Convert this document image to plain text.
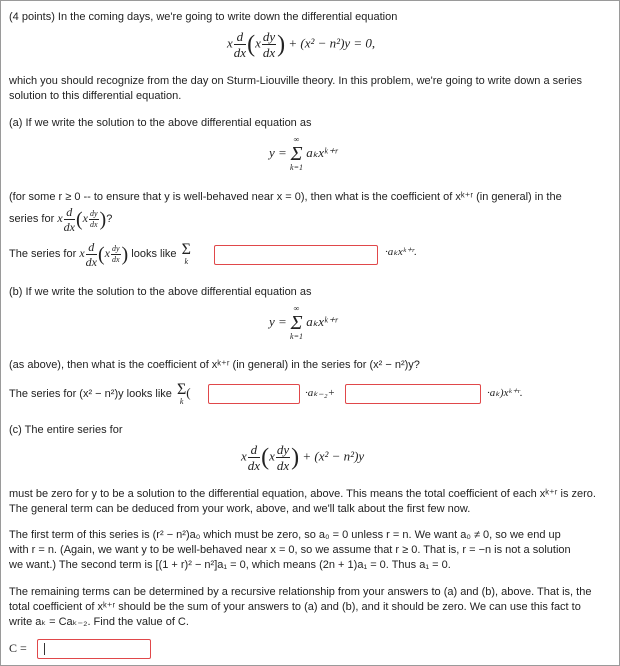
(4 points) In the coming days, we're going to write down the differential equation
x $\frac{d}{dx} (x \frac{dy}{dx}$ ) + (x² − n²)y = 0,
which you should recognize from the day on Sturm-Liouville theory. In this problem, we're going to write down a series
solution to this differential equation.
(a) If we write the solution to the above differential equation as
y =
∞
Σ
k=1
aₖxᵏ⁺ʳ
(for some r ≥ 0 -- to ensure that y is well-behaved near x = 0), then what is the coefficient of xᵏ⁺ʳ (in general) in the
series for x $\frac{d}{dx} (x \frac{dy}{dx}$ )?
The series for x $\frac{d}{dx} (x \frac{dy}{dx}$ ) looks like Σ
k
·aₖxᵏ⁺ʳ.
(b) If we write the solution to the above differential equation as
y =
∞
Σ
k=1
aₖxᵏ⁺ʳ
(as above), then what is the coefficient of xᵏ⁺ʳ (in general) in the series for (x² − n²)y?
The series for (x² − n²)y looks like Σ
k
(	·aₖ₋₂+	·aₖ)xᵏ⁺ʳ.
(c) The entire series for
x $\frac{d}{dx} (x \frac{dy}{dx}$ ) + (x² − n²)y
must be zero for y to be a solution to the differential equation, above. This means the total coefficient of each xᵏ⁺ʳ is zero.
The general term can be deduced from your work, above, and we'll talk about the first few now.
The first term of this series is (r² − n²)a₀ which must be zero, so a₀ = 0 unless r = n. We want a₀ ≠ 0, so we end up
with r = n. (Again, we want y to be well-behaved near x = 0, so we assume that r ≥ 0. That is, r = −n is not a solution
we want.) The second term is [(1 + r)² − n²]a₁ = 0, which means (2n + 1)a₁ = 0. Thus a₁ = 0.
The remaining terms can be determined by a recursive relationship from your answers to (a) and (b), above. That is, the
total coefficient of xᵏ⁺ʳ should be the sum of your answers to (a) and (b), and it should be zero. We can use this fact to
write aₖ = Caₖ₋₂. Find the value of C.
C =
